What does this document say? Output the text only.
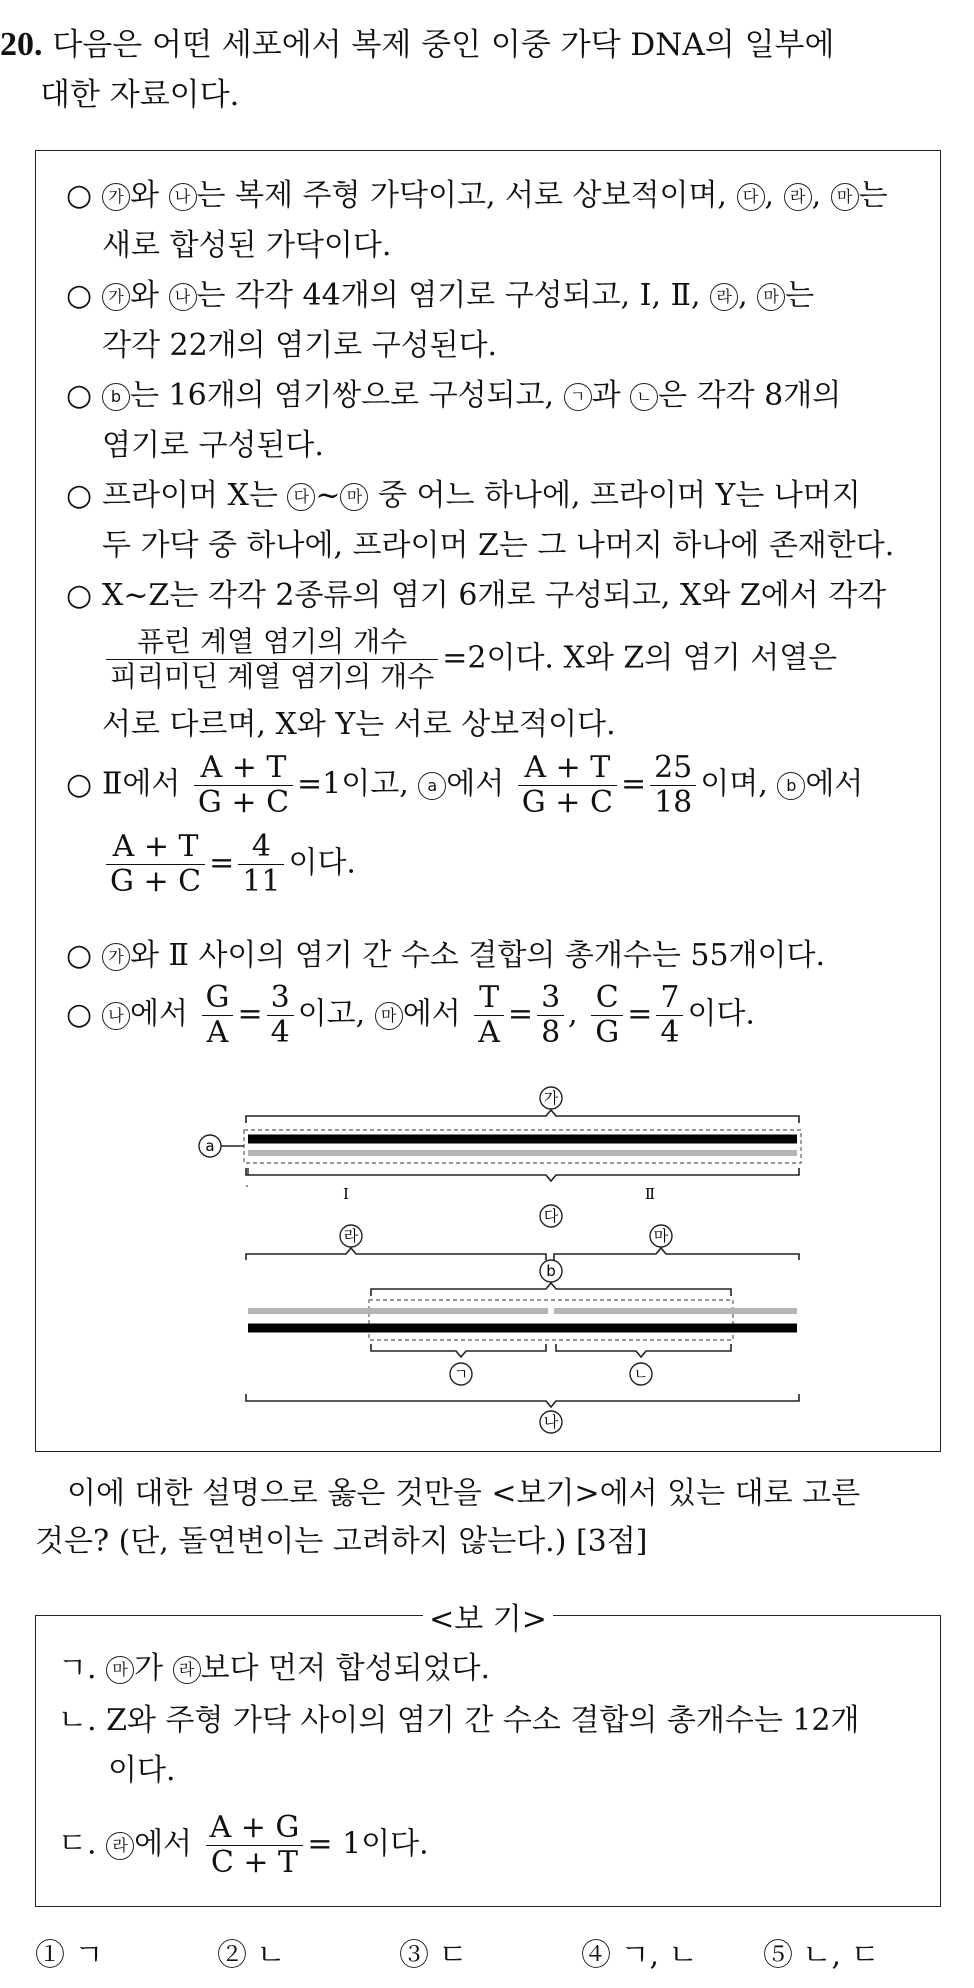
20. 다음은 어떤 세포에서 복제 중인 이중 가닥 DNA의 일부에
대한 자료이다.
○ 가 와 나 는 복제 주형 가닥이고, 서로 상보적이며, 다 , 라 , 마 는
새로 합성된 가닥이다.
○ 가 와 나 는 각각 44개의 염기로 구성되고, Ⅰ, Ⅱ, 라 , 마 는
각각 22개의 염기로 구성된다.
○ b 는 16개의 염기쌍으로 구성되고, ㄱ 과 ㄴ 은 각각 8개의
염기로 구성된다.
○ 프라이머 X는 다 ~ 마 중 어느 하나에, 프라이머 Y는 나머지
두 가닥 중 하나에, 프라이머 Z는 그 나머지 하나에 존재한다.
○ X~Z는 각각 2종류의 염기 6개로 구성되고, X와 Z에서 각각
$\frac{\text{퓨린 계열 염기의 개수}}{\text{피리미딘 계열 염기의 개수}} =2$이다. X와 Z의 염기 서열은
서로 다르며, X와 Y는 서로 상보적이다.
○ Ⅱ에서 $\frac{A + T}{G + C} =1$이고, a 에서 $\frac{A + T}{G + C} = \frac{25}{18}$ 이며, b 에서
$\frac{A + T}{G + C} = \frac{4}{11}$ 이다.
○ 가 와 Ⅱ 사이의 염기 간 수소 결합의 총개수는 55개이다.
○ 나 에서 $\frac{G}{A} = \frac{3}{4}$ 이고, 마 에서 $\frac{T}{A} = \frac{3}{8}$ , $\frac{C}{G} = \frac{7}{4}$ 이다.
가
a
Ⅰ	Ⅱ
다
라	마
b
ㄱ	ㄴ
나
이에 대한 설명으로 옳은 것만을 <보기>에서 있는 대로 고른
것은? (단, 돌연변이는 고려하지 않는다.) [3점]
<보 기>
ㄱ. 마 가 라 보다 먼저 합성되었다.
ㄴ. Z와 주형 가닥 사이의 염기 간 수소 결합의 총개수는 12개
이다.
ㄷ. 라 에서 $\frac{A + G}{C + T} = 1$이다.
① ㄱ	② ㄴ	③ ㄷ	④ ㄱ, ㄴ ⑤ ㄴ, ㄷ
